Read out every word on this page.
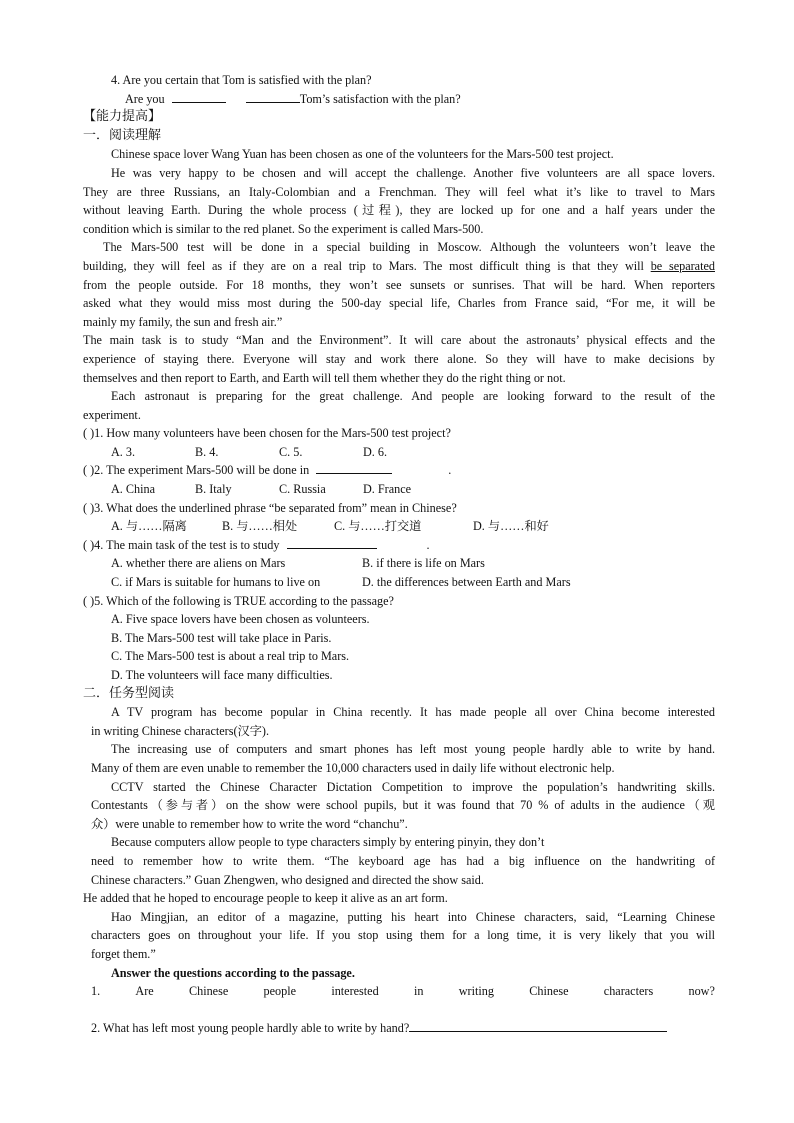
4. Are you certain that Tom is satisfied with the plan?
Are you	Tom’s satisfaction with the plan?
【能力提高】
一．阅读理解
Chinese space lover Wang Yuan has been chosen as one of the volunteers for the Mars-500 test project.
He was very happy to be chosen and will accept the challenge. Another five volunteers are all space lovers.
They are three Russians, an Italy-Colombian and a Frenchman. They will feel what it’s like to travel to Mars
without leaving Earth. During the whole process (过程), they are locked up for one and a half years under the
condition which is similar to the red planet. So the experiment is called Mars-500.
The Mars-500 test will be done in a special building in Moscow. Although the volunteers won’t leave the
building, they will feel as if they are on a real trip to Mars. The most difficult thing is that they will be separated
from the people outside. For 18 months, they won’t see sunsets or sunrises. That will be hard. When reporters
asked what they would miss most during the 500-day special life, Charles from France said, “For me, it will be
mainly my family, the sun and fresh air.”
The main task is to study “Man and the Environment”. It will care about the astronauts’ physical effects and the
experience of staying there. Everyone will stay and work there alone. So they will have to make decisions by
themselves and then report to Earth, and Earth will tell them whether they do the right thing or not.
Each astronaut is preparing for the great challenge. And people are looking forward to the result of the
experiment.
( )1. How many volunteers have been chosen for the Mars-500 test project?
A. 3.	B. 4.	C. 5.	D. 6.
( )2. The experiment Mars-500 will be done in	.
A. China	B. Italy	C. Russia	D. France
( )3. What does the underlined phrase “be separated from” mean in Chinese?
A. 与……隔离	B. 与……相处	C. 与……打交道	D. 与……和好
( )4. The main task of the test is to study	.
A. whether there are aliens on Mars	B. if there is life on Mars
C. if Mars is suitable for humans to live on	D. the differences between Earth and Mars
( )5. Which of the following is TRUE according to the passage?
A. Five space lovers have been chosen as volunteers.
B. The Mars-500 test will take place in Paris.
C. The Mars-500 test is about a real trip to Mars.
D. The volunteers will face many difficulties.
二．任务型阅读
A TV program has become popular in China recently. It has made people all over China become interested
in writing Chinese characters(汉字).
The increasing use of computers and smart phones has left most young people hardly able to write by hand.
Many of them are even unable to remember the 10,000 characters used in daily life without electronic help.
CCTV started the Chinese Character Dictation Competition to improve the population’s handwriting skills.
Contestants（参与者）on the show were school pupils, but it was found that 70 % of adults in the audience（观
众）were unable to remember how to write the word “chanchu”.
Because computers allow people to type characters simply by entering pinyin, they don’t
need to remember how to write them. “The keyboard age has had a big influence on the handwriting of
Chinese characters.” Guan Zhengwen, who designed and directed the show said.
He added that he hoped to encourage people to keep it alive as an art form.
Hao Mingjian, an editor of a magazine, putting his heart into Chinese characters, said, “Learning Chinese
characters goes on throughout your life. If you stop using them for a long time, it is very likely that you will
forget them.”
Answer the questions according to the passage.
1.	Are	Chinese	people	interested	in	writing	Chinese	characters	now?
2. What has left most young people hardly able to write by hand?
